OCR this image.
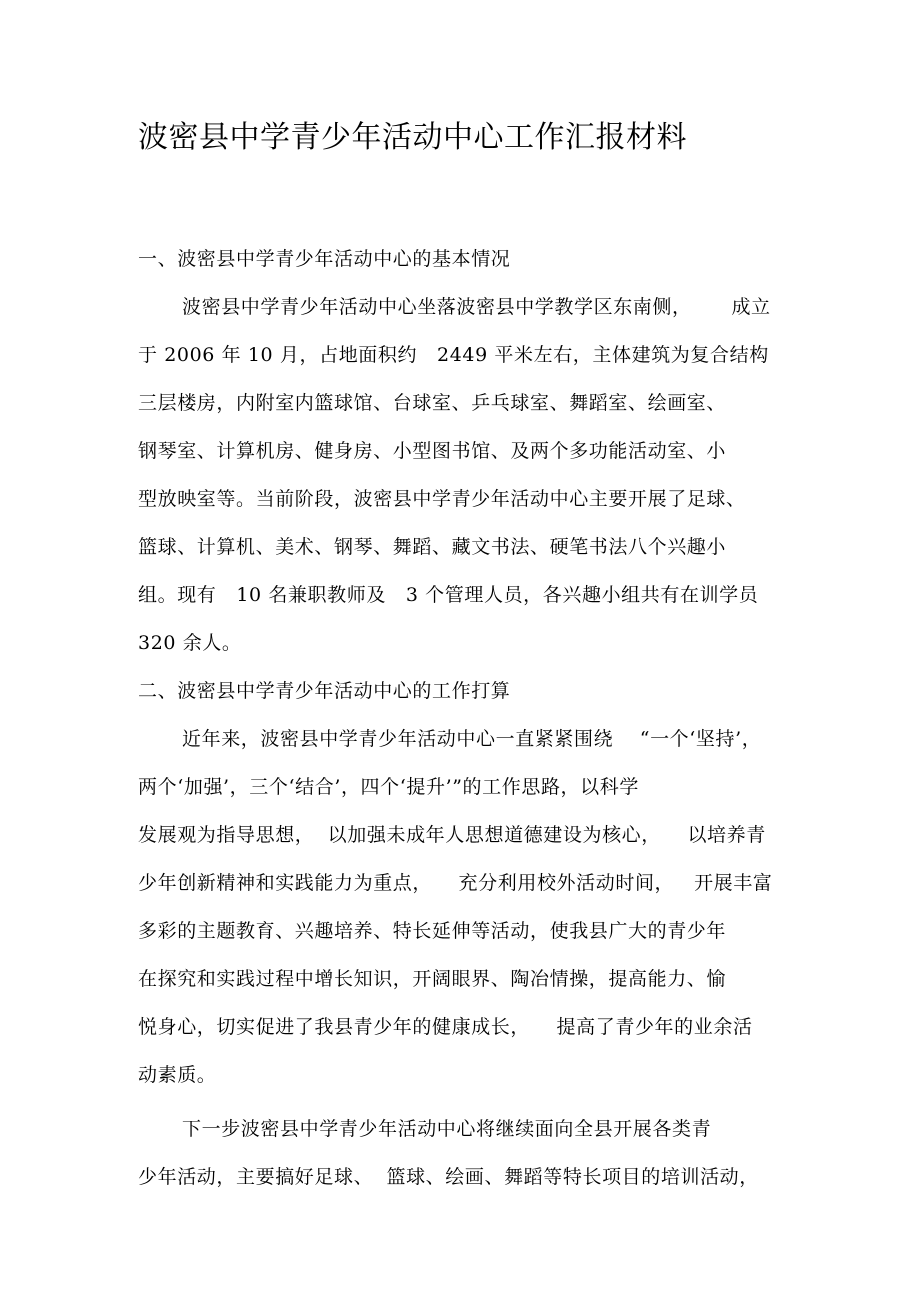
波密县中学青少年活动中心工作汇报材料
一、波密县中学青少年活动中心的基本情况
波密县中学青少年活动中心坐落波密县中学教学区东南侧，      成立
于 2006 年 10 月，占地面积约   2449 平米左右，主体建筑为复合结构
三层楼房，内附室内篮球馆、台球室、乒乓球室、舞蹈室、绘画室、
钢琴室、计算机房、健身房、小型图书馆、及两个多功能活动室、小
型放映室等。当前阶段，波密县中学青少年活动中心主要开展了足球、
篮球、计算机、美术、钢琴、舞蹈、藏文书法、硬笔书法八个兴趣小
组。现有   10 名兼职教师及   3 个管理人员，各兴趣小组共有在训学员
320 余人。
二、波密县中学青少年活动中心的工作打算
近年来，波密县中学青少年活动中心一直紧紧围绕    “一个‘坚持’，
两个‘加强’，三个‘结合’，四个‘提升’”的工作思路，以科学
发展观为指导思想，  以加强未成年人思想道德建设为核心，    以培养青
少年创新精神和实践能力为重点，    充分利用校外活动时间，   开展丰富
多彩的主题教育、兴趣培养、特长延伸等活动，使我县广大的青少年
在探究和实践过程中增长知识，开阔眼界、陶冶情操，提高能力、愉
悦身心，切实促进了我县青少年的健康成长，    提高了青少年的业余活
动素质。
下一步波密县中学青少年活动中心将继续面向全县开展各类青
少年活动，主要搞好足球、  篮球、绘画、舞蹈等特长项目的培训活动，
